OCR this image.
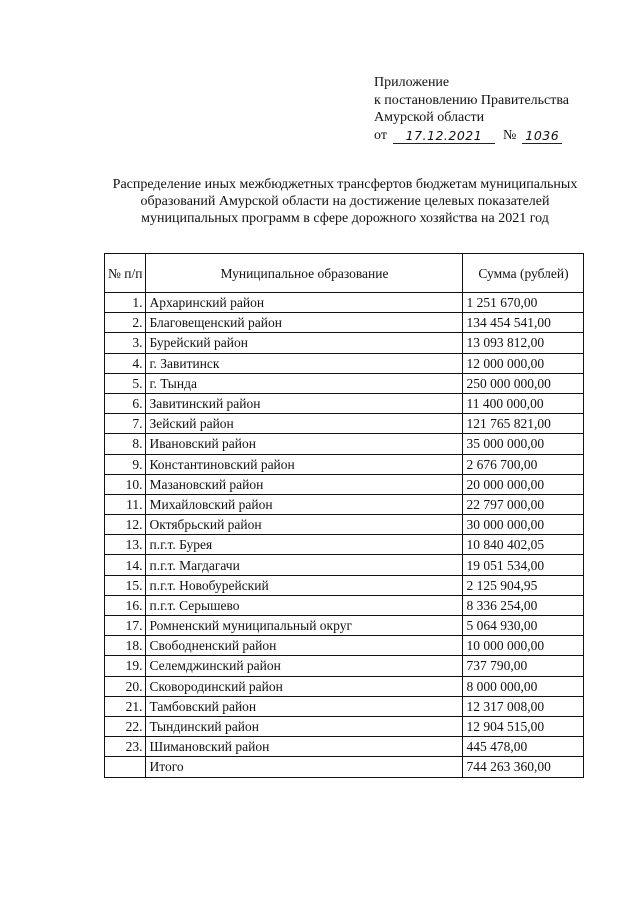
Приложение
к постановлению Правительства
Амурской области
от	17.12.2021	№ 1036
Распределение иных межбюджетных трансфертов бюджетам муниципальных
образований Амурской области на достижение целевых показателей
муниципальных программ в сфере дорожного хозяйства на 2021 год
№ п/п	Муниципальное образование	Сумма (рублей)
1.	Архаринский район	1 251 670,00
2.	Благовещенский район	134 454 541,00
3.	Бурейский район	13 093 812,00
4.	г. Завитинск	12 000 000,00
5.	г. Тында	250 000 000,00
6.	Завитинский район	11 400 000,00
7.	Зейский район	121 765 821,00
8.	Ивановский район	35 000 000,00
9.	Константиновский район	2 676 700,00
10.	Мазановский район	20 000 000,00
11.	Михайловский район	22 797 000,00
12.	Октябрьский район	30 000 000,00
13.	п.г.т. Бурея	10 840 402,05
14.	п.г.т. Магдагачи	19 051 534,00
15.	п.г.т. Новобурейский	2 125 904,95
16.	п.г.т. Серышево	8 336 254,00
17.	Ромненский муниципальный округ	5 064 930,00
18.	Свободненский район	10 000 000,00
19.	Селемджинский район	737 790,00
20.	Сковородинский район	8 000 000,00
21.	Тамбовский район	12 317 008,00
22.	Тындинский район	12 904 515,00
23.	Шимановский район	445 478,00
	Итого	744 263 360,00
